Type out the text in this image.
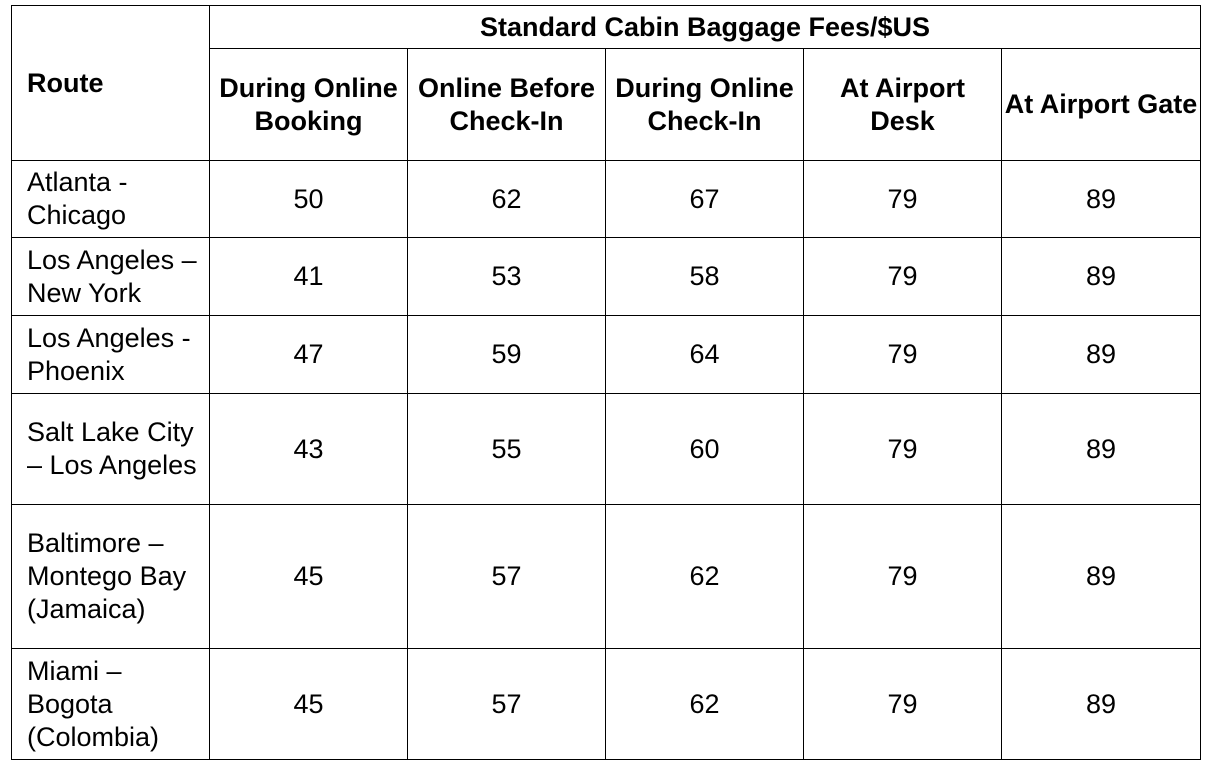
Route	Standard Cabin Baggage Fees/$US				
	During Online Booking	Online Before Check-In	During Online Check-In	At Airport Desk	At Airport Gate
Atlanta - Chicago	50	62	67	79	89
Los Angeles – New York	41	53	58	79	89
Los Angeles - Phoenix	47	59	64	79	89
Salt Lake City – Los Angeles	43	55	60	79	89
Baltimore – Montego Bay (Jamaica)	45	57	62	79	89
Miami – Bogota (Colombia)	45	57	62	79	89
